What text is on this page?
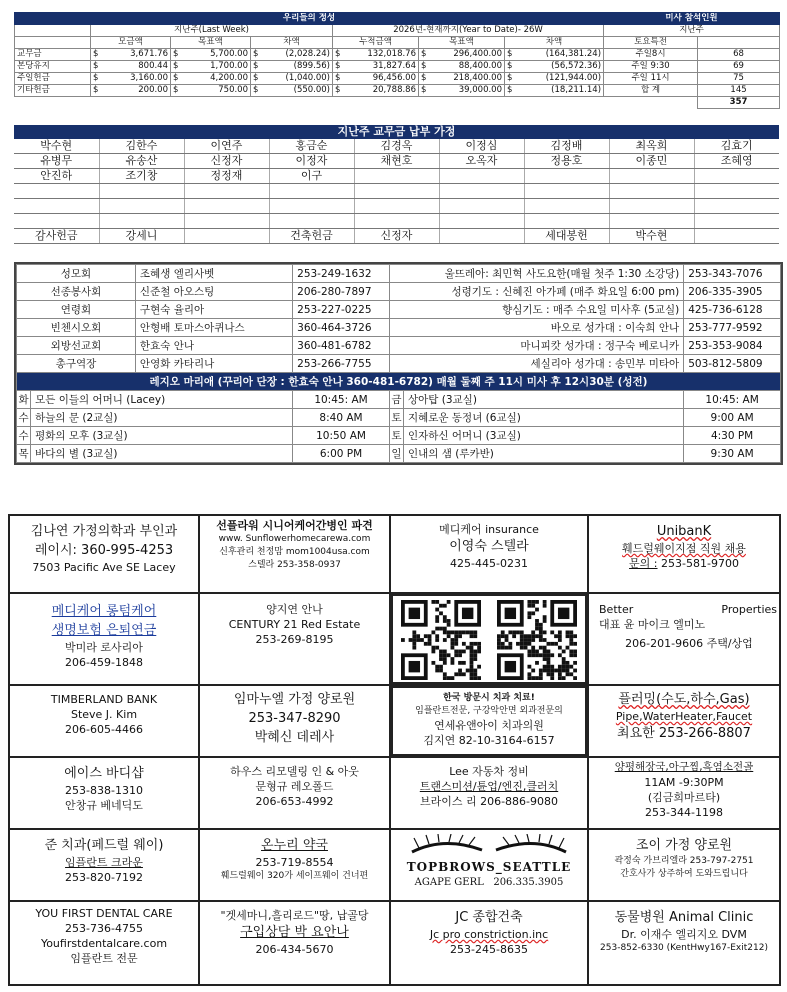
우리들의 정성							미사 참석인원	
	지난주(Last Week)			2026년-현재까지(Year to Date)- 26W			지난주	
	모금액	목표액	차액	누적금액	목표액	차액	토요특전	
교무금	$ 3,671.76	$ 5,700.00	$ (2,028.24)	$ 132,018.76	$ 296,400.00	$ (164,381.24)	주일8시	68
본당유지	$ 800.44	$ 1,700.00	$ (899.56)	$ 31,827.64	$ 88,400.00	$ (56,572.36)	주일 9:30	69
주일헌금	$ 3,160.00	$ 4,200.00	$ (1,040.00)	$ 96,456.00	$ 218,400.00	$ (121,944.00)	주일 11시	75
기타헌금	$ 200.00	$ 750.00	$ (550.00)	$ 20,788.86	$ 39,000.00	$ (18,211.14)	합 계	145
								357
지난주 교무금 납부 가정
박수현	김한수	이연주	홍금순	김경옥	이정심	김정배	최옥희	김효기
유병무	유송산	신정자	이정자	채현호	오옥자	정용호	이종민	조혜영
안진하	조기창	정정재	이구					

감사헌금	강세니		건축헌금	신정자		세대봉헌	박수현	
성모회		조혜생 엘리사벳	253-249-1632	울뜨레아: 최민혁 사도요한(매월 첫주 1:30 소강당)		253-343-7076
선종봉사회		신준철 아오스팅	206-280-7897	성령기도 : 신혜진 아가페 (매주 화요일 6:00 pm)		206-335-3905
연령회		구현숙 율리아	253-227-0225	향심기도 : 매주 수요일 미사후 (5교실)		425-736-6128
빈첸시오회		안형배 토마스아퀴나스	360-464-3726	바오로 성가대 : 이숙희 안나		253-777-9592
외방선교회		한효숙 안나	360-481-6782	마니피캇 성가대 : 정구숙 베로니카		253-353-9084
총구역장		안영화 카타리나	253-266-7755	세실리아 성가대 : 송민부 미타아		503-812-5809
레지오 마리애 (꾸리아 단장 : 한효숙 안나 360-481-6782) 매월 둘째 주 11시 미사 후 12시30분 (성전)						
화	모든 이들의 어머니 (Lacey)		10:45: AM	금	상아탑 (3교실)	10:45: AM
수	하늘의 문 (2교실)		8:40 AM	토	지혜로운 동정녀 (6교실)	9:00 AM
수	평화의 모후 (3교실)		10:50 AM	토	인자하신 어머니 (3교실)	4:30 PM
목	바다의 별 (3교실)		6:00 PM	일	인내의 샘 (루카반)	9:30 AM
김나연 가정의학과 부인과
레이시: 360-995-4253
7503 Pacific Ave SE Lacey
선플라워 시니어케어간병인 파견
www. Sunflowerhomecarewa.com
신후관리 천정맘 mom1004usa.com
스텔라 253-358-0937
메디케어 insurance
이영숙 스텔라
425-445-0231
UnibanK
훼드럴웨이지점 직원 채용
문의 : 253-581-9700
메디케어 롱텀케어
생명보험 은퇴연금
박미라 로사리아
206-459-1848
양지연 안나
CENTURY 21 Red Estate
253-269-8195
Better	Properties
대표 윤 마이크 엘미노
206-201-9606 주택/상업
TIMBERLAND BANK
Steve J. Kim
206-605-4466
임마누엘 가정 양로원
253-347-8290
박혜신 데레사
한국 방문시 치과 치료!
임플란트전문, 구강악안면 외과전문의
연세유앤아이 치과의원
김지연 82-10-3164-6157
플러밍(수도,하수,Gas)
Pipe,WaterHeater,Faucet
최요한 253-266-8807
에이스 바디샵
253-838-1310
안창규 베네딕도
하우스 리모델링 인 & 아웃
문형규 레오폴드
206-653-4992
Lee 자동차 정비
트랜스미션/튠업/엔진,클러치
브라이스 리 206-886-9080
양평해장국,아구찜,흑염소전골
11AM -9:30PM
(김금희마르타)
253-344-1198
준 치과(페드럴 웨이)
임플란트 크라운
253-820-7192
온누리 약국
253-719-8554
훼드럴웨이 320가 세이프웨이 건너편
TOPBROWS_SEATTLE
AGAPE GERL 206.335.3905
조이 가정 양로원
곽정숙 가브리엘라 253-797-2751
간호사가 상주하여 도와드립니다
YOU FIRST DENTAL CARE
253-736-4755
Youfirstdentalcare.com
임플란트 전문
"겟세마니,흘리로드"땅, 납골당
구입상담 박 요안나
206-434-5670
JC 종합건축
Jc pro constriction.inc
253-245-8635
동물병원 Animal Clinic
Dr. 이재수 엘리지오 DVM
253-852-6330 (KentHwy167-Exit212)
